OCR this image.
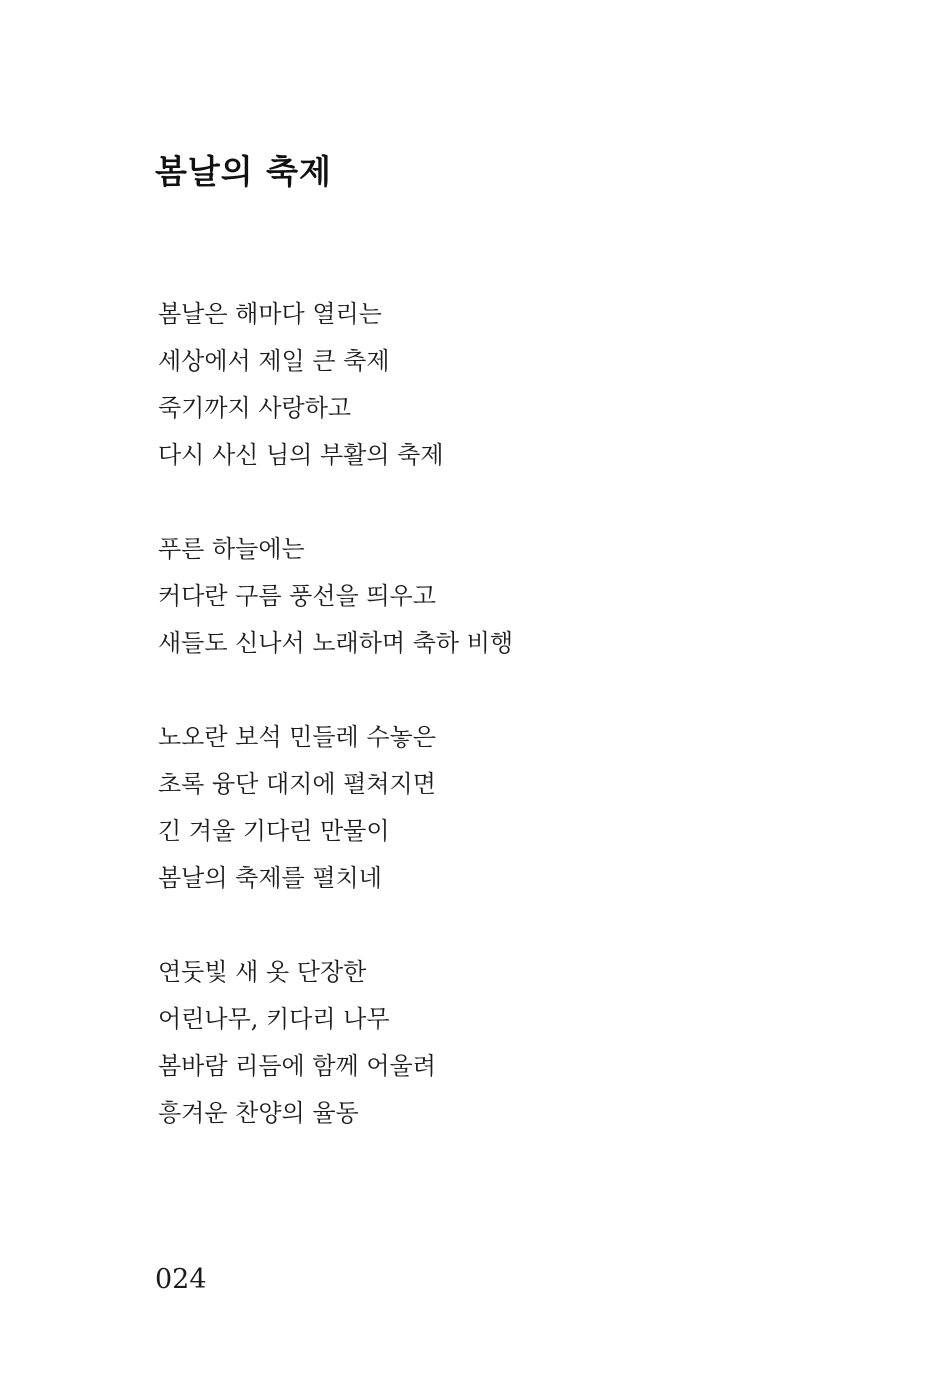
봄날의 축제

봄날은 해마다 열리는

세상에서 제일 큰 축제

죽기까지 사랑하고

다시 사신 님의 부활의 축제

푸른 하늘에는

커다란 구름 풍선을 띄우고

새들도 신나서 노래하며 축하 비행

노오란 보석 민들레 수놓은

초록 융단 대지에 펼쳐지면

긴 겨울 기다린 만물이

봄날의 축제를 펼치네

연둣빛 새 옷 단장한

어린나무, 키다리 나무

봄바람 리듬에 함께 어울려

흥겨운 찬양의 율동

024
